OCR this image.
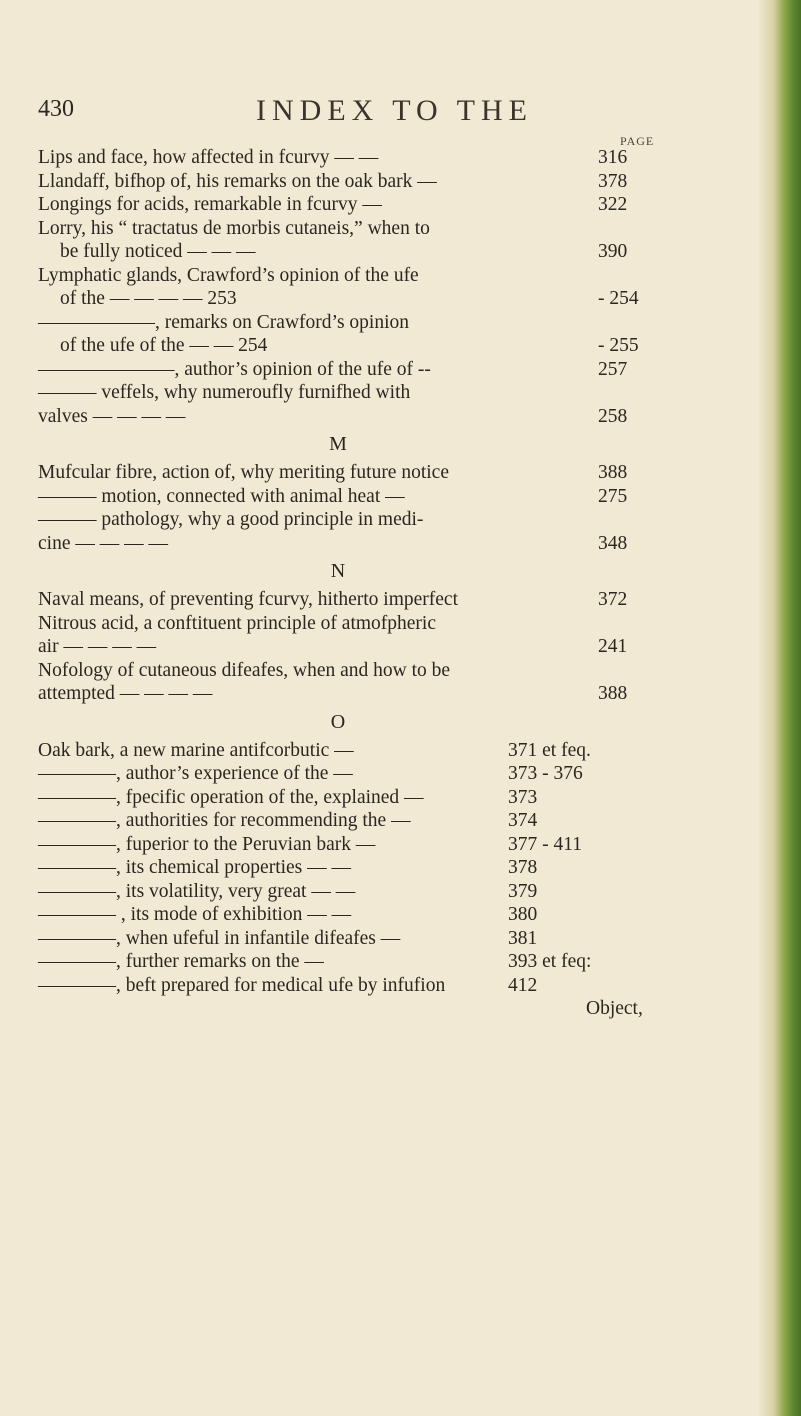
430	INDEX TO THE
PAGE
Lips and face, how affected in fcurvy — —	316
Llandaff, bifhop of, his remarks on the oak bark —	378
Longings for acids, remarkable in fcurvy —	322
Lorry, his “ tractatus de morbis cutaneis,” when to
be fully noticed — — —	390
Lymphatic glands, Crawford’s opinion of the ufe
of the — — — — 253	- 254
——————, remarks on Crawford’s opinion
of the ufe of the — — 254	- 255
———————, author’s opinion of the ufe of --	257
——— veffels, why numeroufly furnifhed with
valves — — — —	258
M
Mufcular fibre, action of, why meriting future notice	388
——— motion, connected with animal heat —	275
——— pathology, why a good principle in medi-
cine — — — —	348
N
Naval means, of preventing fcurvy, hitherto imperfect	372
Nitrous acid, a conftituent principle of atmofpheric
air — — — —	241
Nofology of cutaneous difeafes, when and how to be
attempted — — — —	388
O
Oak bark, a new marine antifcorbutic —	371 et feq.
————, author’s experience of the —	373 - 376
————, fpecific operation of the, explained —	373
————, authorities for recommending the —	374
————, fuperior to the Peruvian bark —	377 - 411
————, its chemical properties — —	378
————, its volatility, very great — —	379
———— , its mode of exhibition — —	380
————, when ufeful in infantile difeafes —	381
————, further remarks on the —	393 et feq:
————, beft prepared for medical ufe by infufion	412
Object,
